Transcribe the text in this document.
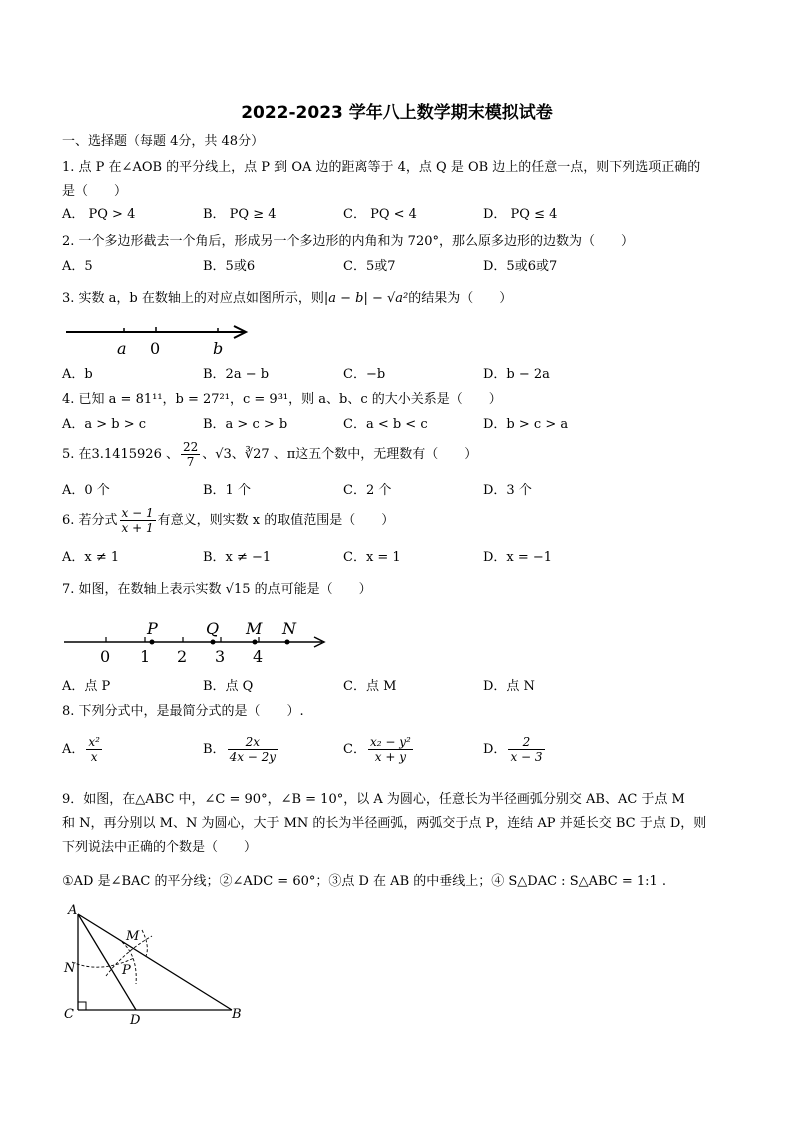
2022-2023 学年八上数学期末模拟试卷
一、选择题（每题 4分，共 48分）
1. 点 P 在∠AOB 的平分线上，点 P 到 OA 边的距离等于 4，点 Q 是 OB 边上的任意一点，则下列选项正确的
是（　　）
A． PQ > 4	B． PQ ≥ 4	C． PQ < 4	D． PQ ≤ 4
2. 一个多边形截去一个角后，形成另一个多边形的内角和为 720°，那么原多边形的边数为（　　）
A．5	B．5或6	C．5或7	D．5或6或7
3. 实数 a，b 在数轴上的对应点如图所示，则|a − b| − √a²的结果为（　　）
a 0	b
A．b	B．2a − b	C．−b	D．b − 2a
4. 已知 a = 81¹¹，b = 27²¹，c = 9³¹，则 a、b、c 的大小关系是（　　）
A．a > b > c	B．a > c > b	C．a < b < c	D．b > c > a
5. 在3.1415926 、 $\frac{22}{7}$ 、√3、∛27 、π这五个数中，无理数有（　　）
A．0 个	B．1 个	C．2 个	D．3 个
6. 若分式 $\frac{x - 1}{x + 1}$ 有意义，则实数 x 的取值范围是（　　）
A．x ≠ 1	B．x ≠ −1	C．x = 1	D．x = −1
7. 如图，在数轴上表示实数 √15 的点可能是（　　）
P	Q M N
0 1 2 3 4
A．点 P	B．点 Q	C．点 M	D．点 N
8. 下列分式中，是最简分式的是（　　）.
A． $\frac{\text{x²}}{x}$	B． $\frac{2x}{4x - 2y}$	C． $\frac{\text{x₂ − y²}}{x + y}$	D． $\frac{2}{x - 3}$
9．如图，在△ABC 中，∠C = 90°，∠B = 10°，以 A 为圆心，任意长为半径画弧分别交 AB、AC 于点 M
和 N，再分别以 M、N 为圆心，大于 MN 的长为半径画弧，两弧交于点 P，连结 AP 并延长交 BC 于点 D，则
下列说法中正确的个数是（　　）
①AD 是∠BAC 的平分线；②∠ADC = 60°；③点 D 在 AB 的中垂线上；④ S△DAC : S△ABC = 1:1 .
A
M
N	P
C	D	B
